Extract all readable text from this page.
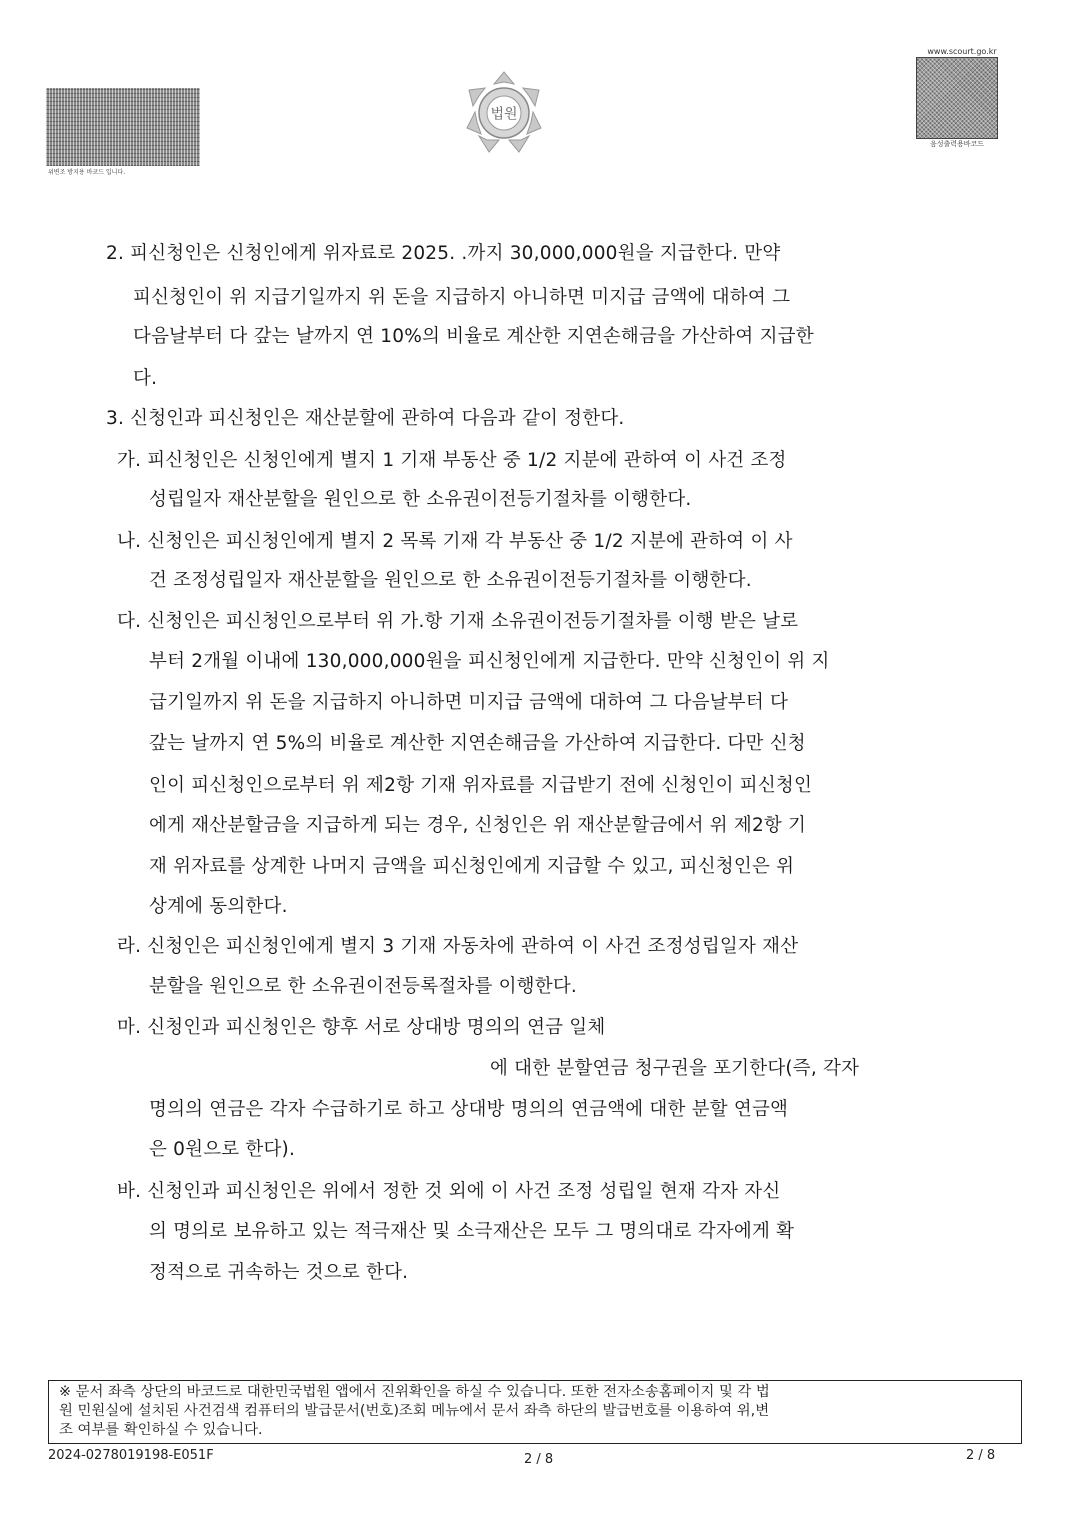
위변조 방지용 바코드 입니다.
법원
www.scourt.go.kr
음성출력용바코드
2. 피신청인은 신청인에게 위자료로 2025. .까지 30,000,000원을 지급한다. 만약
피신청인이 위 지급기일까지 위 돈을 지급하지 아니하면 미지급 금액에 대하여 그
다음날부터 다 갚는 날까지 연 10%의 비율로 계산한 지연손해금을 가산하여 지급한
다.
3. 신청인과 피신청인은 재산분할에 관하여 다음과 같이 정한다.
가. 피신청인은 신청인에게 별지 1 기재 부동산 중 1/2 지분에 관하여 이 사건 조정
성립일자 재산분할을 원인으로 한 소유권이전등기절차를 이행한다.
나. 신청인은 피신청인에게 별지 2 목록 기재 각 부동산 중 1/2 지분에 관하여 이 사
건 조정성립일자 재산분할을 원인으로 한 소유권이전등기절차를 이행한다.
다. 신청인은 피신청인으로부터 위 가.항 기재 소유권이전등기절차를 이행 받은 날로
부터 2개월 이내에 130,000,000원을 피신청인에게 지급한다. 만약 신청인이 위 지
급기일까지 위 돈을 지급하지 아니하면 미지급 금액에 대하여 그 다음날부터 다
갚는 날까지 연 5%의 비율로 계산한 지연손해금을 가산하여 지급한다. 다만 신청
인이 피신청인으로부터 위 제2항 기재 위자료를 지급받기 전에 신청인이 피신청인
에게 재산분할금을 지급하게 되는 경우, 신청인은 위 재산분할금에서 위 제2항 기
재 위자료를 상계한 나머지 금액을 피신청인에게 지급할 수 있고, 피신청인은 위
상계에 동의한다.
라. 신청인은 피신청인에게 별지 3 기재 자동차에 관하여 이 사건 조정성립일자 재산
분할을 원인으로 한 소유권이전등록절차를 이행한다.
마. 신청인과 피신청인은 향후 서로 상대방 명의의 연금 일체
에 대한 분할연금 청구권을 포기한다(즉, 각자
명의의 연금은 각자 수급하기로 하고 상대방 명의의 연금액에 대한 분할 연금액
은 0원으로 한다).
바. 신청인과 피신청인은 위에서 정한 것 외에 이 사건 조정 성립일 현재 각자 자신
의 명의로 보유하고 있는 적극재산 및 소극재산은 모두 그 명의대로 각자에게 확
정적으로 귀속하는 것으로 한다.
※ 문서 좌측 상단의 바코드로 대한민국법원 앱에서 진위확인을 하실 수 있습니다. 또한 전자소송홈페이지 및 각 법
원 민원실에 설치된 사건검색 컴퓨터의 발급문서(번호)조회 메뉴에서 문서 좌측 하단의 발급번호를 이용하여 위,변
조 여부를 확인하실 수 있습니다.
2024-0278019198-E051F	2 / 8	2 / 8
